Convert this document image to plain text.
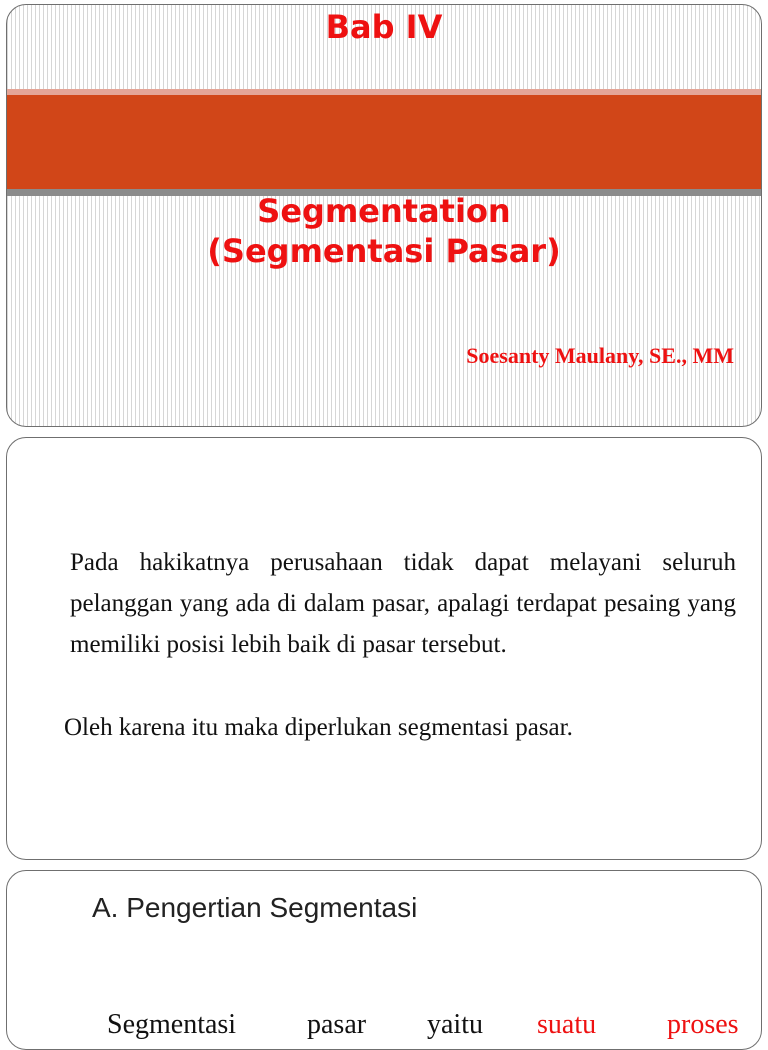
Bab IV
Segmentation
(Segmentasi Pasar)
Soesanty Maulany, SE., MM
Pada hakikatnya perusahaan tidak dapat melayani seluruh pelanggan yang ada di dalam pasar, apalagi terdapat pesaing yang memiliki posisi lebih baik di pasar tersebut.
Oleh karena itu maka diperlukan segmentasi pasar.
A. Pengertian Segmentasi
Segmentasi	pasar yaitu suatu	proses
